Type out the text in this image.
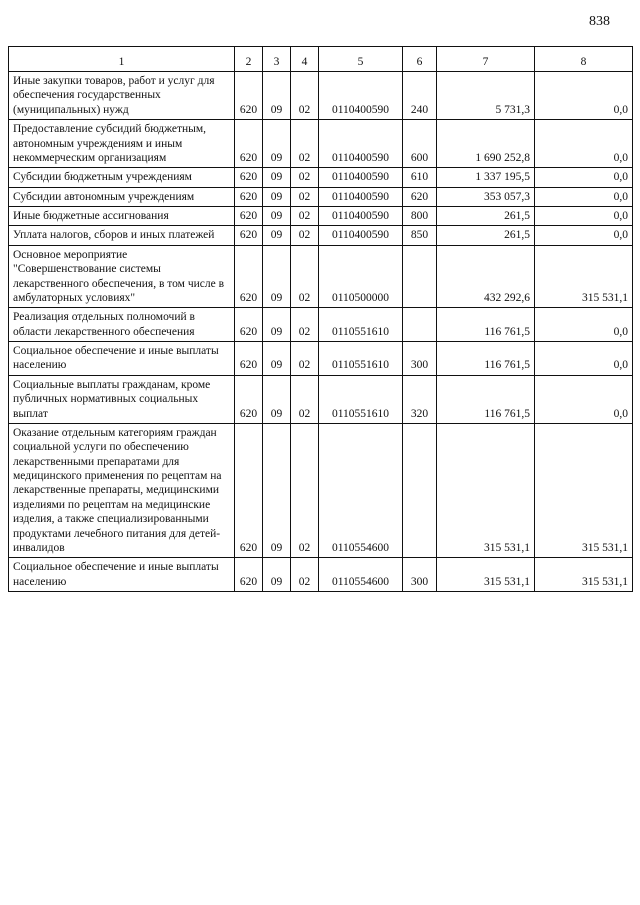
838
1	2	3	4	5	6	7	8
Иные закупки товаров, работ и услуг для обеспечения государственных (муниципальных) нужд	620	09	02	0110400590	240	5 731,3	0,0
Предоставление субсидий бюджетным, автономным учреждениям и иным некоммерческим организациям	620	09	02	0110400590	600	1 690 252,8	0,0
Субсидии бюджетным учреждениям	620	09	02	0110400590	610	1 337 195,5	0,0
Субсидии автономным учреждениям	620	09	02	0110400590	620	353 057,3	0,0
Иные бюджетные ассигнования	620	09	02	0110400590	800	261,5	0,0
Уплата налогов, сборов и иных платежей	620	09	02	0110400590	850	261,5	0,0
Основное мероприятие "Совершенствование системы лекарственного обеспечения, в том числе в амбулаторных условиях"	620	09	02	0110500000		432 292,6	315 531,1
Реализация отдельных полномочий в области лекарственного обеспечения	620	09	02	0110551610		116 761,5	0,0
Социальное обеспечение и иные выплаты населению	620	09	02	0110551610	300	116 761,5	0,0
Социальные выплаты гражданам, кроме публичных нормативных социальных выплат	620	09	02	0110551610	320	116 761,5	0,0
Оказание отдельным категориям граждан социальной услуги по обеспечению лекарственными препаратами для медицинского применения по рецептам на лекарственные препараты, медицинскими изделиями по рецептам на медицинские изделия, а также специализированными продуктами лечебного питания для детей-инвалидов	620	09	02	0110554600		315 531,1	315 531,1
Социальное обеспечение и иные выплаты населению	620	09	02	0110554600	300	315 531,1	315 531,1
